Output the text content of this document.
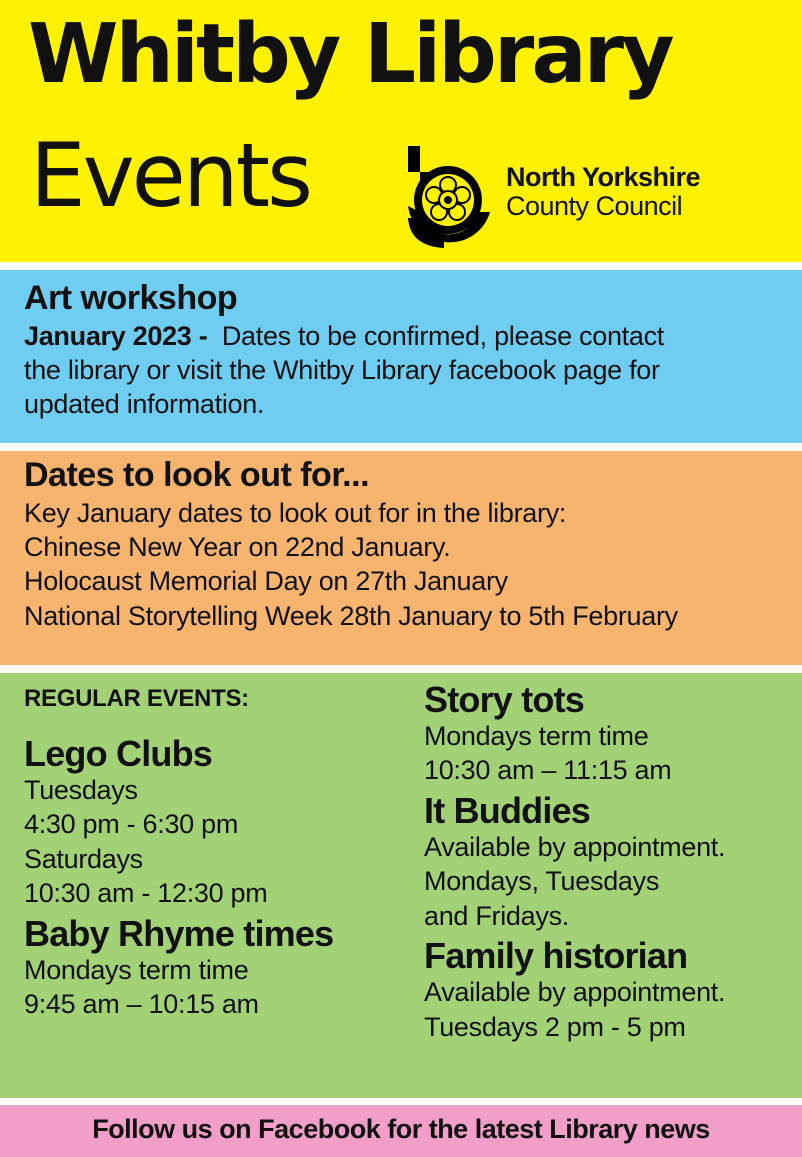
Whitby Library
Events	North Yorkshire
County Council
Art workshop
January 2023 - Dates to be confirmed, please contact
the library or visit the Whitby Library facebook page for
updated information.
Dates to look out for...
Key January dates to look out for in the library:
Chinese New Year on 22nd January.
Holocaust Memorial Day on 27th January
National Storytelling Week 28th January to 5th February
REGULAR EVENTS:
Lego Clubs
Tuesdays
4:30 pm - 6:30 pm
Saturdays
10:30 am - 12:30 pm
Baby Rhyme times
Mondays term time
9:45 am – 10:15 am
Story tots
Mondays term time
10:30 am – 11:15 am
It Buddies
Available by appointment.
Mondays, Tuesdays
and Fridays.
Family historian
Available by appointment.
Tuesdays 2 pm - 5 pm
Follow us on Facebook for the latest Library news
